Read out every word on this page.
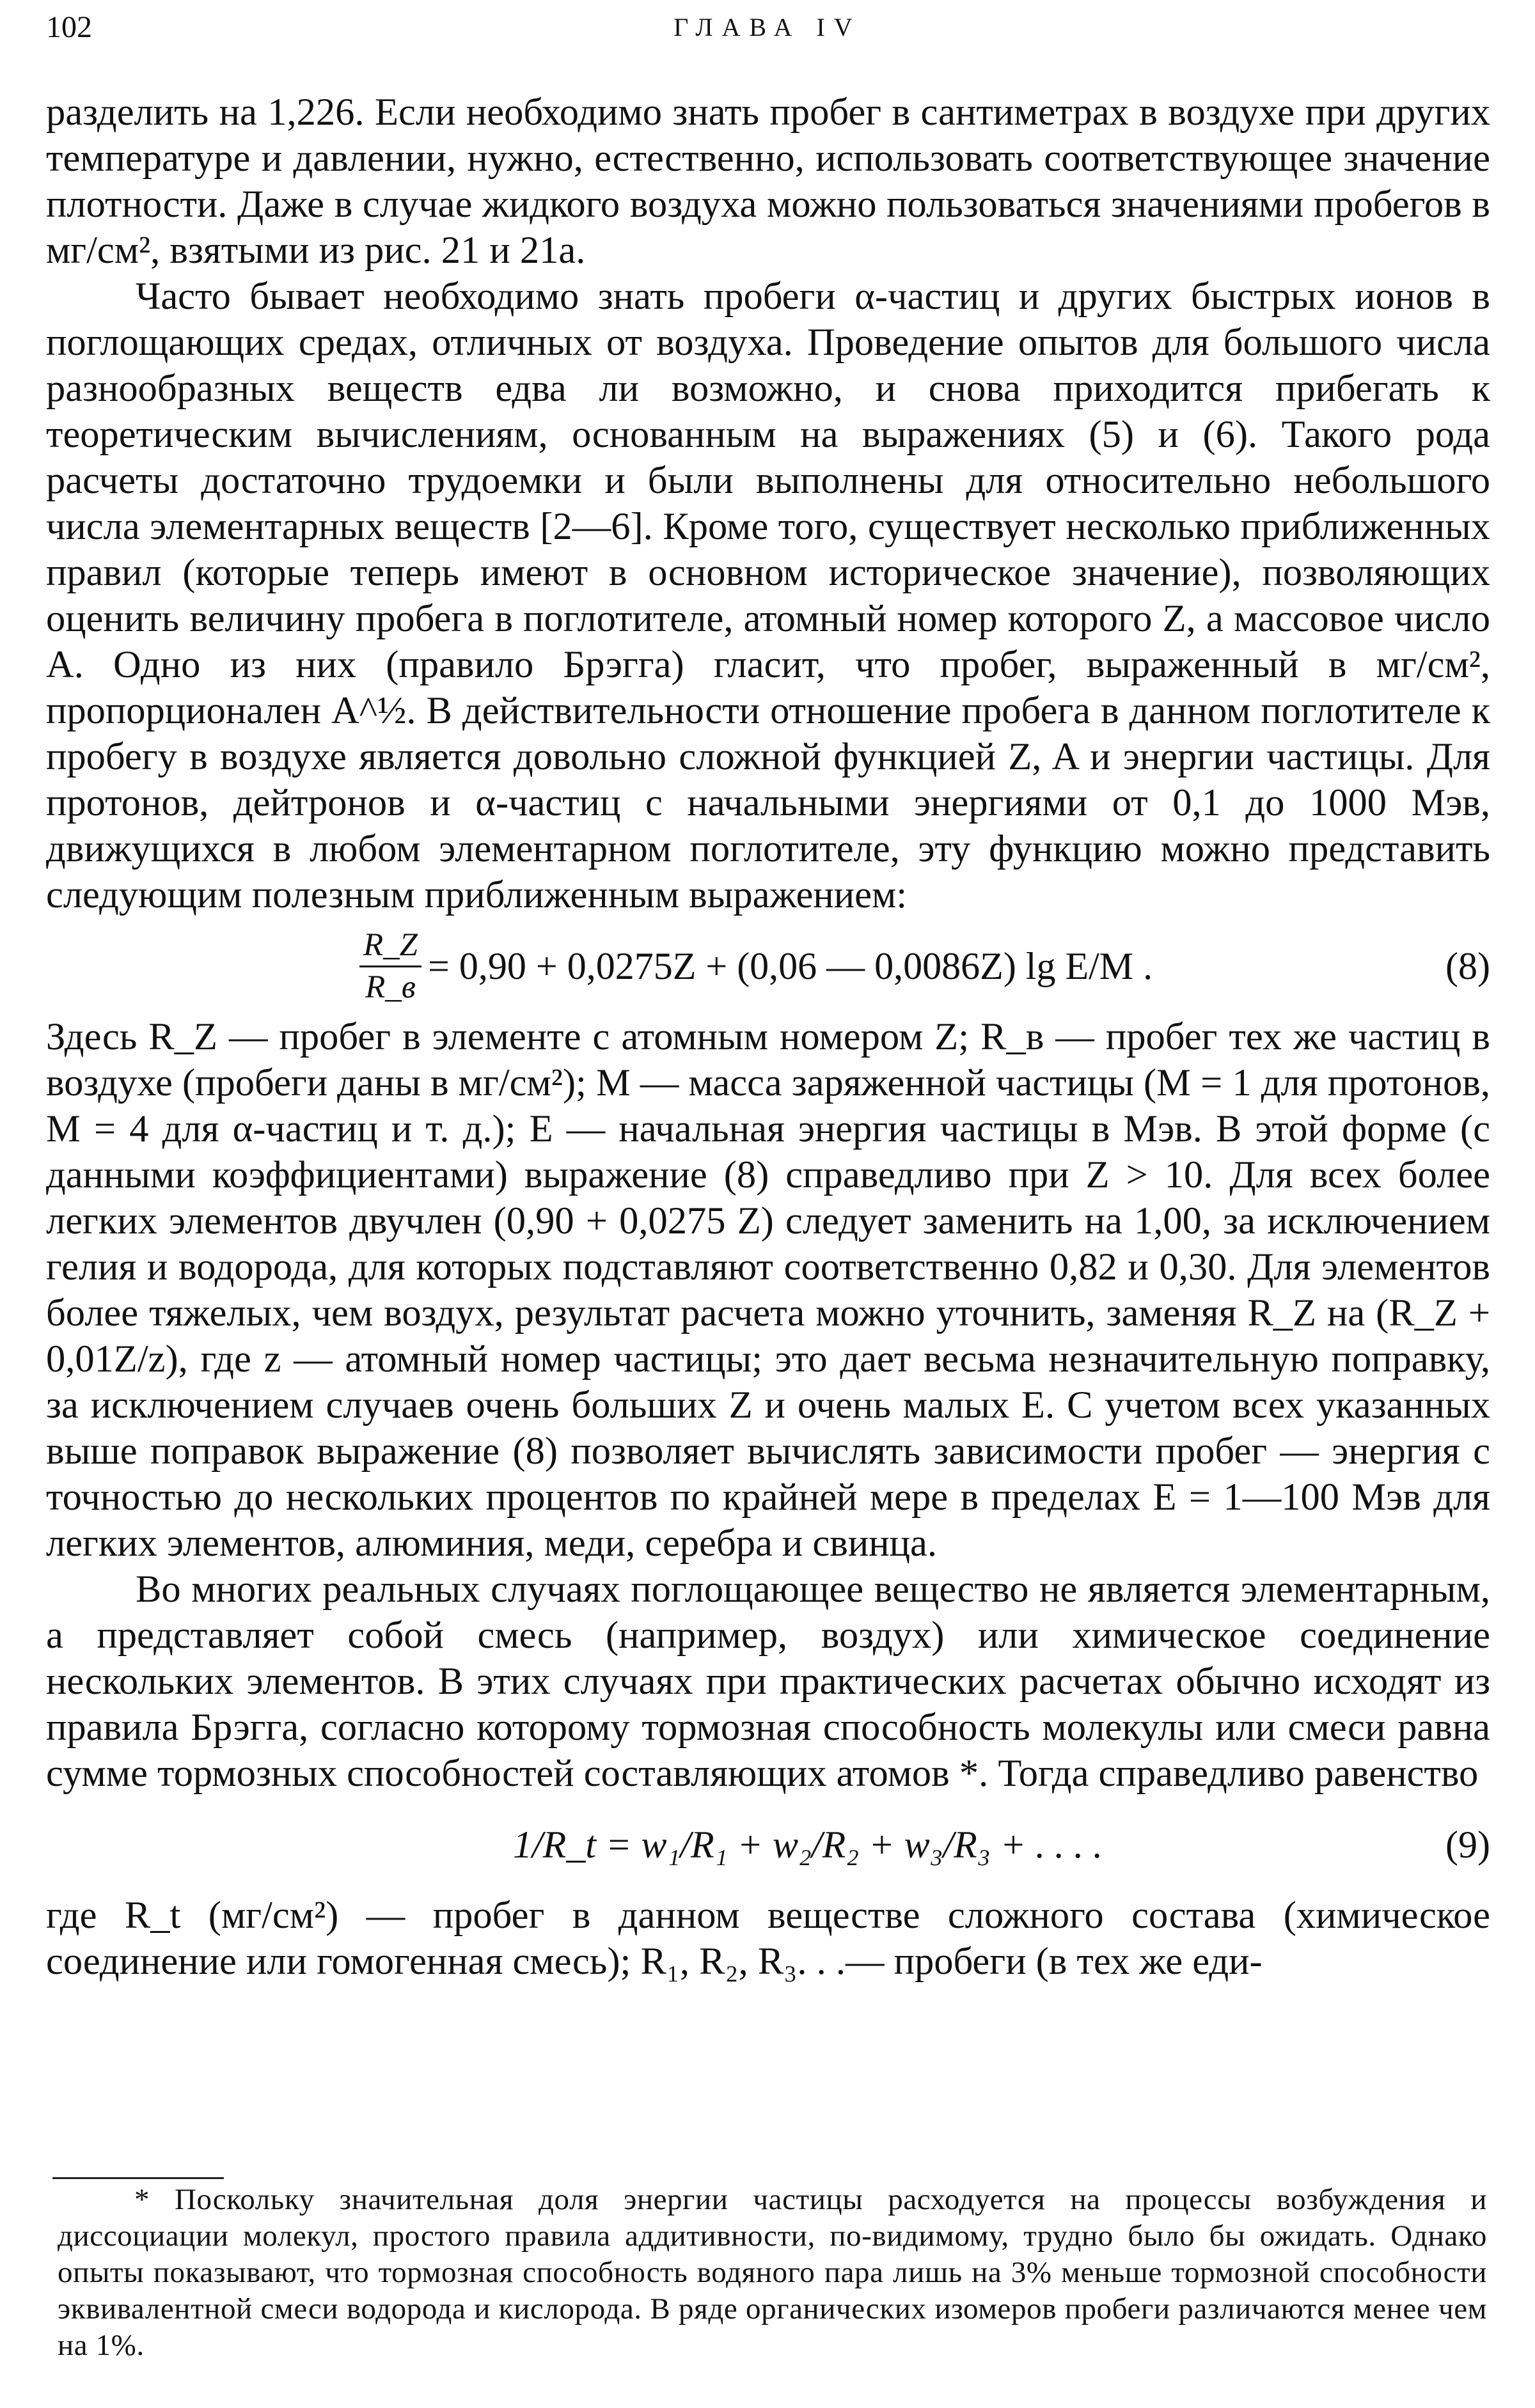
102	ГЛАВА IV

разделить на 1,226. Если необходимо знать пробег в сантиметрах в воздухе при других температуре и давлении, нужно, естественно, использовать соответствующее значение плотности. Даже в случае жидкого воздуха можно пользоваться значениями пробегов в мг/см², взятыми из рис. 21 и 21а.

Часто бывает необходимо знать пробеги α-частиц и других быстрых ионов в поглощающих средах, отличных от воздуха. Проведение опытов для большого числа разнообразных веществ едва ли возможно, и снова приходится прибегать к теоретическим вычислениям, основанным на выражениях (5) и (6). Такого рода расчеты достаточно трудоемки и были выполнены для относительно небольшого числа элементарных веществ [2—6]. Кроме того, существует несколько приближенных правил (которые теперь имеют в основном историческое значение), позволяющих оценить величину пробега в поглотителе, атомный номер которого Z, а массовое число A. Одно из них (правило Брэгга) гласит, что пробег, выраженный в мг/см², пропорционален A^½. В действительности отношение пробега в данном поглотителе к пробегу в воздухе является довольно сложной функцией Z, A и энергии частицы. Для протонов, дейтронов и α-частиц с начальными энергиями от 0,1 до 1000 Мэв, движущихся в любом элементарном поглотителе, эту функцию можно представить следующим полезным приближенным выражением:

$\frac{R\_Z}{R\_в} = 0,90 + 0,0275Z + (0,06$ — 0,0086Z) lg E/M .	(8)

Здесь R_Z — пробег в элементе с атомным номером Z; R_в — пробег тех же частиц в воздухе (пробеги даны в мг/см²); M — масса заряженной частицы (M = 1 для протонов, M = 4 для α-частиц и т. д.); E — начальная энергия частицы в Мэв. В этой форме (с данными коэффициентами) выражение (8) справедливо при Z > 10. Для всех более легких элементов двучлен (0,90 + 0,0275 Z) следует заменить на 1,00, за исключением гелия и водорода, для которых подставляют соответственно 0,82 и 0,30. Для элементов более тяжелых, чем воздух, результат расчета можно уточнить, заменяя R_Z на (R_Z + 0,01Z/z), где z — атомный номер частицы; это дает весьма незначительную поправку, за исключением случаев очень больших Z и очень малых E. С учетом всех указанных выше поправок выражение (8) позволяет вычислять зависимости пробег — энергия с точностью до нескольких процентов по крайней мере в пределах E = 1—100 Мэв для легких элементов, алюминия, меди, серебра и свинца.

Во многих реальных случаях поглощающее вещество не является элементарным, а представляет собой смесь (например, воздух) или химическое соединение нескольких элементов. В этих случаях при практических расчетах обычно исходят из правила Брэгга, согласно которому тормозная способность молекулы или смеси равна сумме тормозных способностей составляющих атомов *. Тогда справедливо равенство

1/R_t = w₁/R₁ + w₂/R₂ + w₃/R₃ + . . . .	(9)

где R_t (мг/см²) — пробег в данном веществе сложного состава (химическое соединение или гомогенная смесь); R₁, R₂, R₃. . .— пробеги (в тех же еди-

* Поскольку значительная доля энергии частицы расходуется на процессы возбуждения и диссоциации молекул, простого правила аддитивности, по-видимому, трудно было бы ожидать. Однако опыты показывают, что тормозная способность водяного пара лишь на 3% меньше тормозной способности эквивалентной смеси водорода и кислорода. В ряде органических изомеров пробеги различаются менее чем на 1%.
